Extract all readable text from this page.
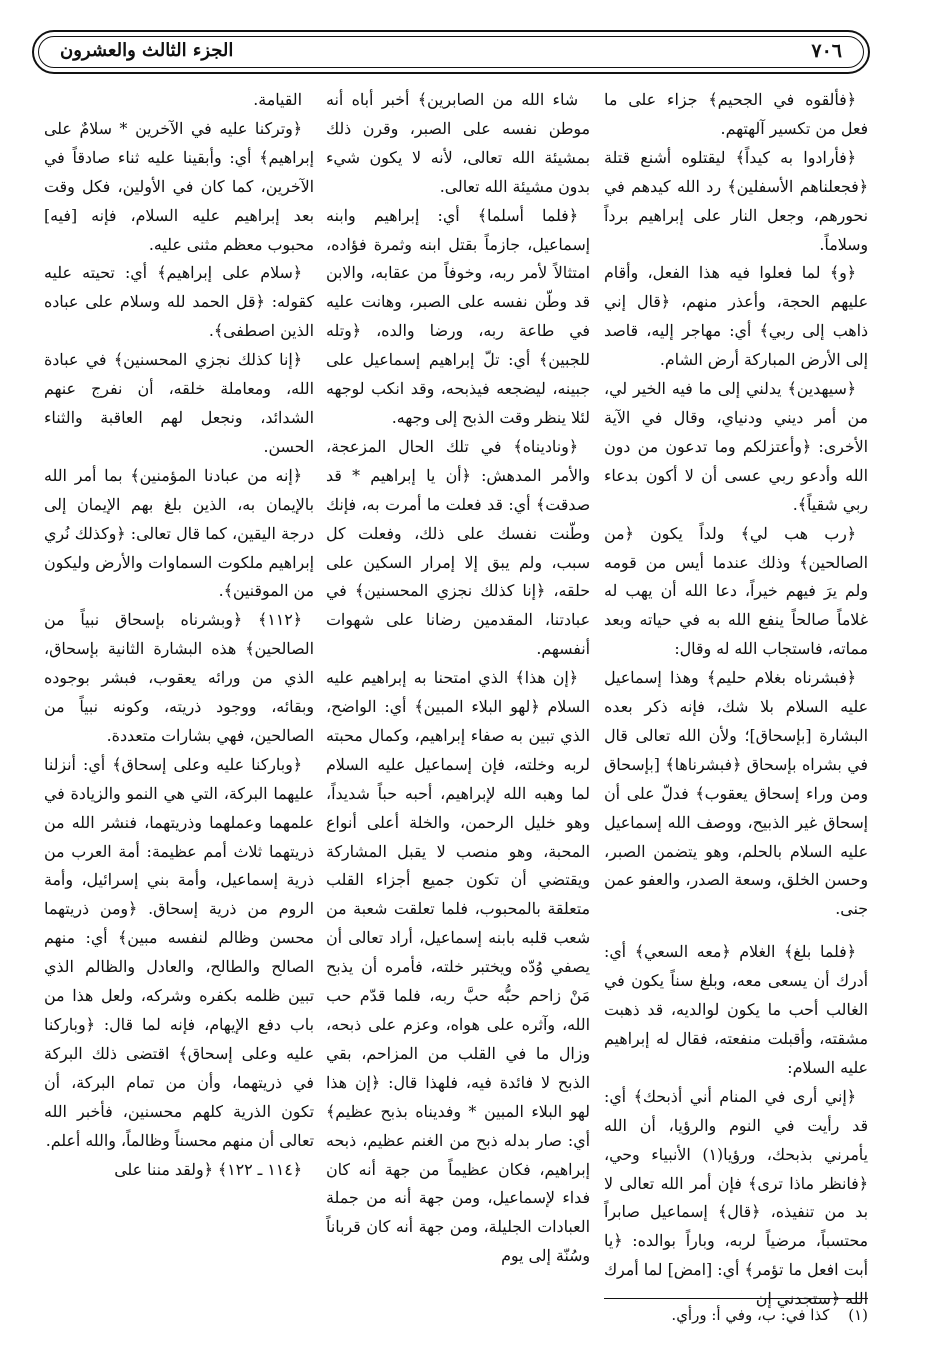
٧٠٦
الجزء الثالث والعشرون

﴿فألقوه في الجحيم﴾ جزاء على ما فعل من تكسير آلهتهم.

﴿فأرادوا به كيداً﴾ ليقتلوه أشنع قتلة ﴿فجعلناهم الأسفلين﴾ رد الله كيدهم في نحورهم، وجعل النار على إبراهيم برداً وسلاماً.

﴿و﴾ لما فعلوا فيه هذا الفعل، وأقام عليهم الحجة، وأعذر منهم، ﴿قال إني ذاهب إلى ربي﴾ أي: مهاجر إليه، قاصد إلى الأرض المباركة أرض الشام.

﴿سيهدين﴾ يدلني إلى ما فيه الخير لي، من أمر ديني ودنياي، وقال في الآية الأخرى: ﴿وأعتزلكم وما تدعون من دون الله وأدعو ربي عسى أن لا أكون بدعاء ربي شقياً﴾.

﴿رب هب لي﴾ ولداً يكون ﴿من الصالحين﴾ وذلك عندما أيس من قومه ولم يرَ فيهم خيراً، دعا الله أن يهب له غلاماً صالحاً ينفع الله به في حياته وبعد مماته، فاستجاب الله له وقال:

﴿فبشرناه بغلام حليم﴾ وهذا إسماعيل عليه السلام بلا شك، فإنه ذكر بعده البشارة [بإسحاق]؛ ولأن الله تعالى قال في بشراه بإسحاق ﴿فبشرناها﴾ [بإسحاق ومن وراء إسحاق يعقوب﴾ فدلّ على أن إسحاق غير الذبيح، ووصف الله إسماعيل عليه السلام بالحلم، وهو يتضمن الصبر، وحسن الخلق، وسعة الصدر، والعفو عمن جنى.

﴿فلما بلغ﴾ الغلام ﴿معه السعي﴾ أي: أدرك أن يسعى معه، وبلغ سناً يكون في الغالب أحب ما يكون لوالديه، قد ذهبت مشقته، وأقبلت منفعته، فقال له إبراهيم عليه السلام:

﴿إني أرى في المنام أني أذبحك﴾ أي: قد رأيت في النوم والرؤيا، أن الله يأمرني بذبحك، ورؤيا(١) الأنبياء وحي، ﴿فانظر ماذا ترى﴾ فإن أمر الله تعالى لا بد من تنفيذه، ﴿قال﴾ إسماعيل صابراً محتسباً، مرضياً لربه، وباراً بوالده: ﴿يا أبت افعل ما تؤمر﴾ أي: [امض] لما أمرك الله ﴿ستجدني إن

شاء الله من الصابرين﴾ أخبر أباه أنه موطن نفسه على الصبر، وقرن ذلك بمشيئة الله تعالى، لأنه لا يكون شيء بدون مشيئة الله تعالى.

﴿فلما أسلما﴾ أي: إبراهيم وابنه إسماعيل، جازماً بقتل ابنه وثمرة فؤاده، امتثالاً لأمر ربه، وخوفاً من عقابه، والابن قد وطّن نفسه على الصبر، وهانت عليه في طاعة ربه، ورضا والده، ﴿وتله للجبين﴾ أي: تلّ إبراهيم إسماعيل على جبينه، ليضجعه فيذبحه، وقد انكب لوجهه لئلا ينظر وقت الذبح إلى وجهه.

﴿وناديناه﴾ في تلك الحال المزعجة، والأمر المدهش: ﴿أن يا إبراهيم * قد صدقت﴾ أي: قد فعلت ما أمرت به، فإنك وطّنت نفسك على ذلك، وفعلت كل سبب، ولم يبق إلا إمرار السكين على حلقه، ﴿إنا كذلك نجزي المحسنين﴾ في عبادتنا، المقدمين رضانا على شهوات أنفسهم.

﴿إن هذا﴾ الذي امتحنا به إبراهيم عليه السلام ﴿لهو البلاء المبين﴾ أي: الواضح، الذي تبين به صفاء إبراهيم، وكمال محبته لربه وخلته، فإن إسماعيل عليه السلام لما وهبه الله لإبراهيم، أحبه حباً شديداً، وهو خليل الرحمن، والخلة أعلى أنواع المحبة، وهو منصب لا يقبل المشاركة ويقتضي أن تكون جميع أجزاء القلب متعلقة بالمحبوب، فلما تعلقت شعبة من شعب قلبه بابنه إسماعيل، أراد تعالى أن يصفي وُدّه ويختبر خلته، فأمره أن يذبح مَنْ زاحم حبُّه حبَّ ربه، فلما قدّم حب الله، وآثره على هواه، وعزم على ذبحه، وزال ما في القلب من المزاحم، بقي الذبح لا فائدة فيه، فلهذا قال: ﴿إن هذا لهو البلاء المبين * وفديناه بذبح عظيم﴾ أي: صار بدله ذبح من الغنم عظيم، ذبحه إبراهيم، فكان عظيماً من جهة أنه كان فداء لإسماعيل، ومن جهة أنه من جملة العبادات الجليلة، ومن جهة أنه كان قرباناً وسُنّة إلى يوم

القيامة.

﴿وتركنا عليه في الآخرين * سلامٌ على إبراهيم﴾ أي: وأبقينا عليه ثناء صادقاً في الآخرين، كما كان في الأولين، فكل وقت بعد إبراهيم عليه السلام، فإنه [فيه] محبوب معظم مثنى عليه.

﴿سلام على إبراهيم﴾ أي: تحيته عليه كقوله: ﴿قل الحمد لله وسلام على عباده الذين اصطفى﴾.

﴿إنا كذلك نجزي المحسنين﴾ في عبادة الله، ومعاملة خلقه، أن نفرج عنهم الشدائد، ونجعل لهم العاقبة والثناء الحسن.

﴿إنه من عبادنا المؤمنين﴾ بما أمر الله بالإيمان به، الذين بلغ بهم الإيمان إلى درجة اليقين، كما قال تعالى: ﴿وكذلك نُري إبراهيم ملكوت السماوات والأرض وليكون من الموقنين﴾.

﴿١١٢﴾ ﴿وبشرناه بإسحاق نبياً من الصالحين﴾ هذه البشارة الثانية بإسحاق، الذي من ورائه يعقوب، فبشر بوجوده وبقائه، ووجود ذريته، وكونه نبياً من الصالحين، فهي بشارات متعددة.

﴿وباركنا عليه وعلى إسحاق﴾ أي: أنزلنا عليهما البركة، التي هي النمو والزيادة في علمهما وعملهما وذريتهما، فنشر الله من ذريتهما ثلاث أمم عظيمة: أمة العرب من ذرية إسماعيل، وأمة بني إسرائيل، وأمة الروم من ذرية إسحاق. ﴿ومن ذريتهما محسن وظالم لنفسه مبين﴾ أي: منهم الصالح والطالح، والعادل والظالم الذي تبين ظلمه بكفره وشركه، ولعل هذا من باب دفع الإيهام، فإنه لما قال: ﴿وباركنا عليه وعلى إسحاق﴾ اقتضى ذلك البركة في ذريتهما، وأن من تمام البركة، أن تكون الذرية كلهم محسنين، فأخبر الله تعالى أن منهم محسناً وظالماً، والله أعلم.

﴿١١٤ ـ ١٢٢﴾ ﴿ولقد مننا على

(١) كذا في: ب، وفي أ: ورأي.
